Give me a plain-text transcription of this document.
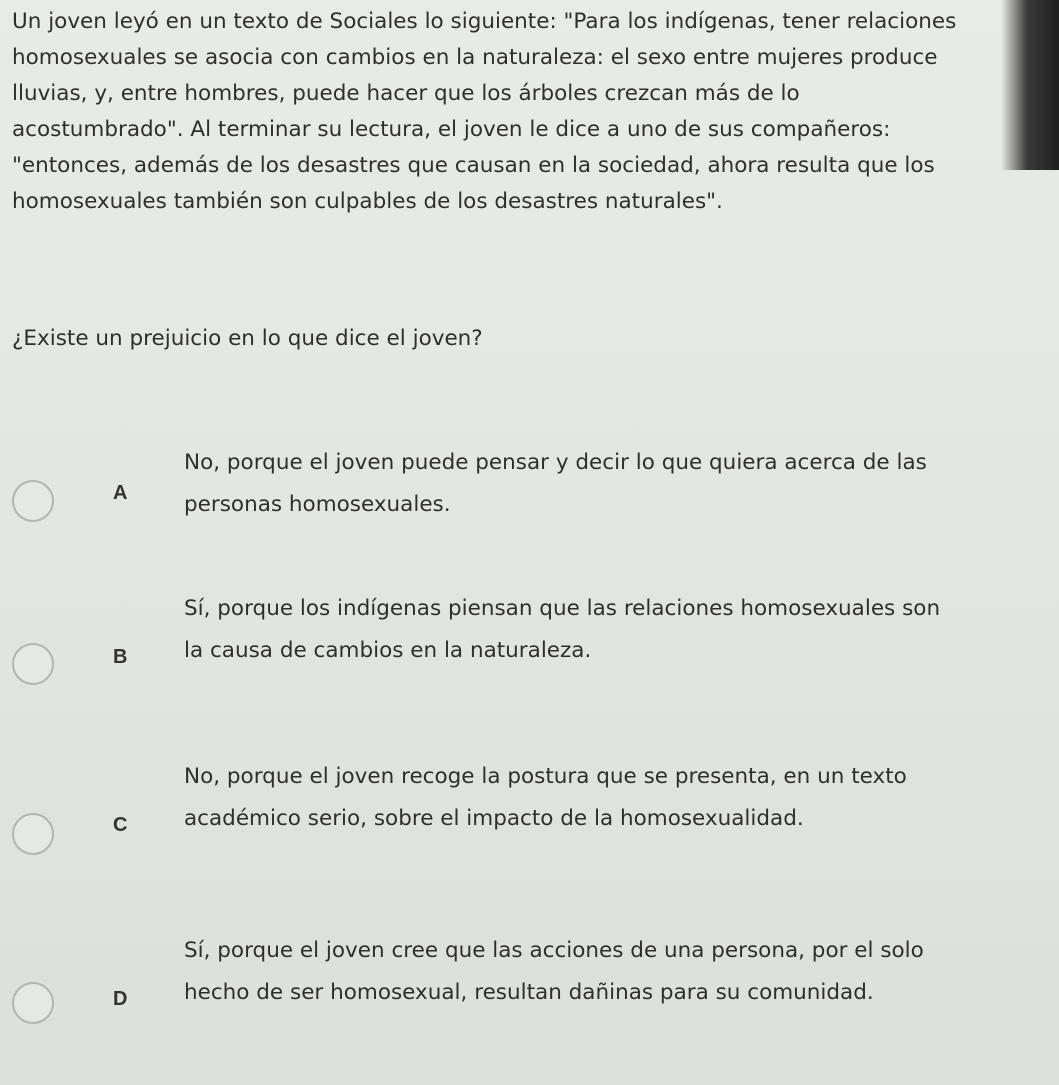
Un joven leyó en un texto de Sociales lo siguiente: "Para los indígenas, tener relaciones
homosexuales se asocia con cambios en la naturaleza: el sexo entre mujeres produce
lluvias, y, entre hombres, puede hacer que los árboles crezcan más de lo
acostumbrado". Al terminar su lectura, el joven le dice a uno de sus compañeros:
"entonces, además de los desastres que causan en la sociedad, ahora resulta que los
homosexuales también son culpables de los desastres naturales".

¿Existe un prejuicio en lo que dice el joven?

A
No, porque el joven puede pensar y decir lo que quiera acerca de las
personas homosexuales.
B
Sí, porque los indígenas piensan que las relaciones homosexuales son
la causa de cambios en la naturaleza.
C
No, porque el joven recoge la postura que se presenta, en un texto
académico serio, sobre el impacto de la homosexualidad.
D
Sí, porque el joven cree que las acciones de una persona, por el solo
hecho de ser homosexual, resultan dañinas para su comunidad.
